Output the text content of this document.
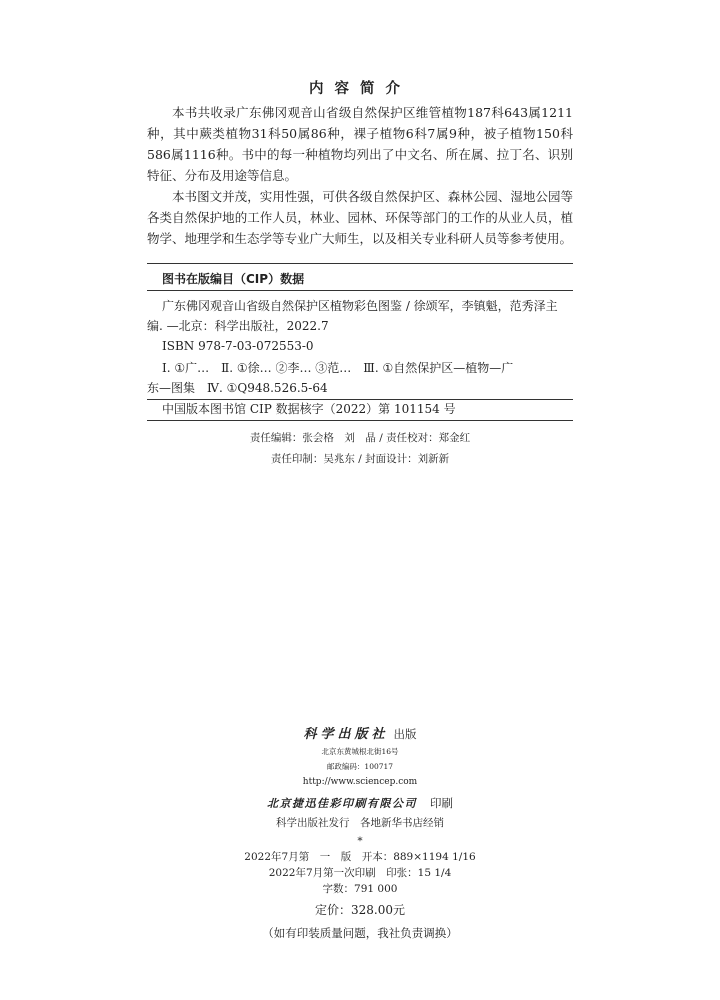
内容简介

本书共收录广东佛冈观音山省级自然保护区维管植物187科643属1211种，其中蕨类植物31科50属86种，裸子植物6科7属9种，被子植物150科586属1116种。书中的每一种植物均列出了中文名、所在属、拉丁名、识别特征、分布及用途等信息。

本书图文并茂，实用性强，可供各级自然保护区、森林公园、湿地公园等各类自然保护地的工作人员，林业、园林、环保等部门的工作的从业人员，植物学、地理学和生态学等专业广大师生，以及相关专业科研人员等参考使用。

图书在版编目（CIP）数据
广东佛冈观音山省级自然保护区植物彩色图鉴 / 徐颂军，李镇魁，范秀泽主
编. —北京：科学出版社，2022.7
ISBN 978-7-03-072553-0
Ⅰ. ①广…　Ⅱ. ①徐… ②李… ③范…　Ⅲ. ①自然保护区—植物—广
东—图集　Ⅳ. ①Q948.526.5-64
中国版本图书馆 CIP 数据核字（2022）第 101154 号
责任编辑：张会格　刘　晶 / 责任校对：郑金红
责任印制：吴兆东 / 封面设计：刘新新
科学出版社 出版
北京东黄城根北街16号
邮政编码：100717
http://www.sciencep.com
北京捷迅佳彩印刷有限公司 印刷
科学出版社发行　各地新华书店经销
*
2022年7月第　一　版　开本：889×1194 1/16
2022年7月第一次印刷　印张：15 1/4
字数：791 000
定价：328.00元
（如有印装质量问题，我社负责调换）
